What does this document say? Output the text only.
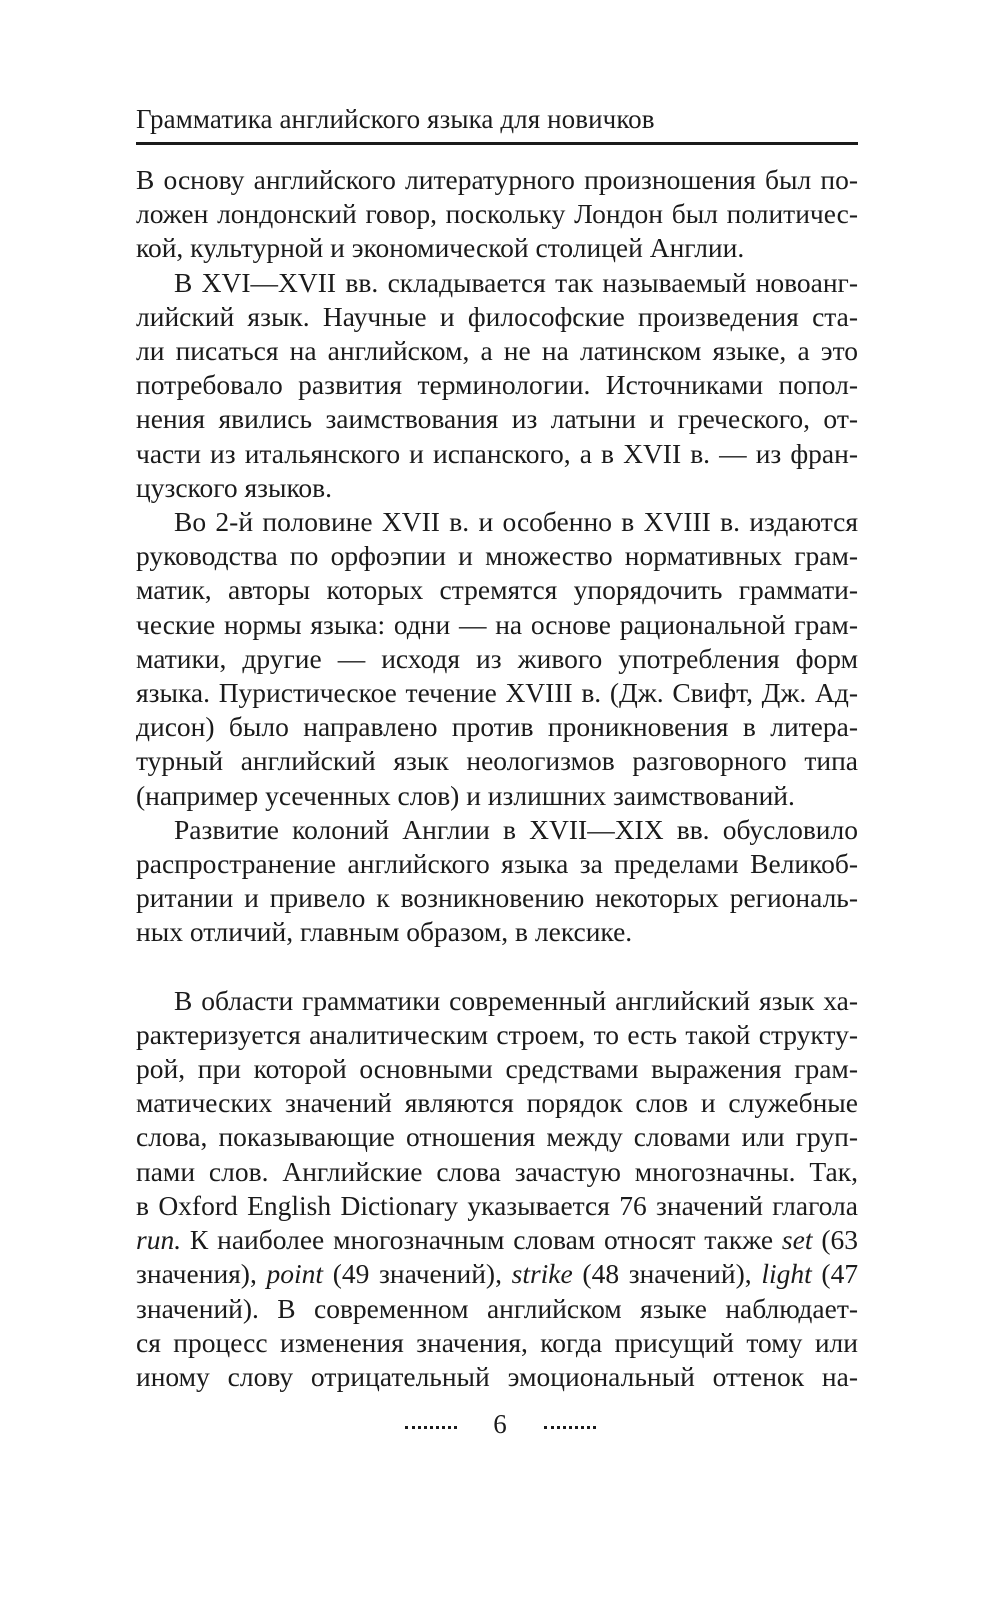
Грамматика английского языка для новичков
В основу английского литературного произношения был по-
ложен лондонский говор, поскольку Лондон был политичес-
кой, культурной и экономической столицей Англии.
В XVI—XVII вв. складывается так называемый новоанг-
лийский язык. Научные и философские произведения ста-
ли писаться на английском, а не на латинском языке, а это
потребовало развития терминологии. Источниками попол-
нения явились заимствования из латыни и греческого, от-
части из итальянского и испанского, а в XVII в. — из фран-
цузского языков.
Во 2-й половине XVII в. и особенно в XVIII в. издаются
руководства по орфоэпии и множество нормативных грам-
матик, авторы которых стремятся упорядочить граммати-
ческие нормы языка: одни — на основе рациональной грам-
матики, другие — исходя из живого употребления форм
языка. Пуристическое течение XVIII в. (Дж. Свифт, Дж. Ад-
дисон) было направлено против проникновения в литера-
турный английский язык неологизмов разговорного типа
(например усеченных слов) и излишних заимствований.
Развитие колоний Англии в XVII—XIX вв. обусловило
распространение английского языка за пределами Великоб-
ритании и привело к возникновению некоторых региональ-
ных отличий, главным образом, в лексике.
В области грамматики современный английский язык ха-
рактеризуется аналитическим строем, то есть такой структу-
рой, при которой основными средствами выражения грам-
матических значений являются порядок слов и служебные
слова, показывающие отношения между словами или груп-
пами слов. Английские слова зачастую многозначны. Так,
в Oxford English Dictionary указывается 76 значений глагола
run. К наиболее многозначным словам относят также set (63
значения), point (49 значений), strike (48 значений), light (47
значений). В современном английском языке наблюдает-
ся процесс изменения значения, когда присущий тому или
иному слову отрицательный эмоциональный оттенок на-
6
